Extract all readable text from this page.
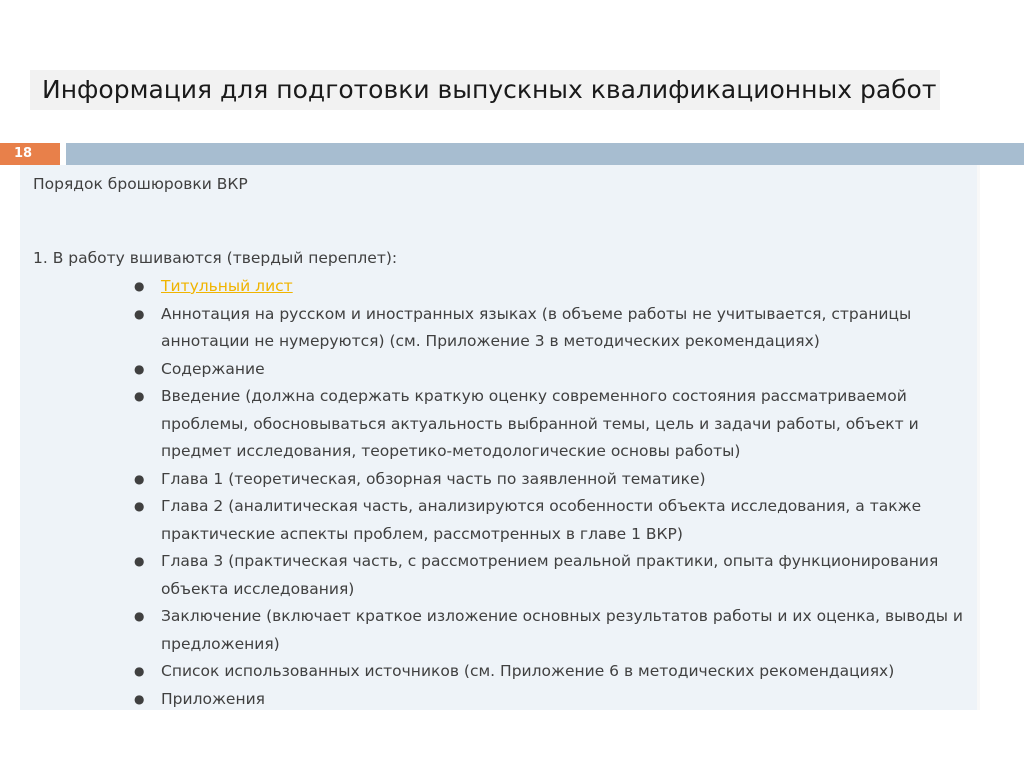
Информация для подготовки выпускных квалификационных работ
18
Порядок брошюровки ВКР
1. В работу вшиваются (твердый переплет):
● Титульный лист
● Аннотация на русском и иностранных языках (в объеме работы не учитывается, страницы аннотации не нумеруются) (см. Приложение 3 в методических рекомендациях)
● Содержание
● Введение (должна содержать краткую оценку современного состояния рассматриваемой проблемы, обосновываться актуальность выбранной темы, цель и задачи работы, объект и предмет исследования, теоретико-методологические основы работы)
● Глава 1 (теоретическая, обзорная часть по заявленной тематике)
● Глава 2 (аналитическая часть, анализируются особенности объекта исследования, а также практические аспекты проблем, рассмотренных в главе 1 ВКР)
● Глава 3 (практическая часть, с рассмотрением реальной практики, опыта функционирования объекта исследования)
● Заключение (включает краткое изложение основных результатов работы и их оценка, выводы и предложения)
● Список использованных источников (см. Приложение 6 в методических рекомендациях)
● Приложения
